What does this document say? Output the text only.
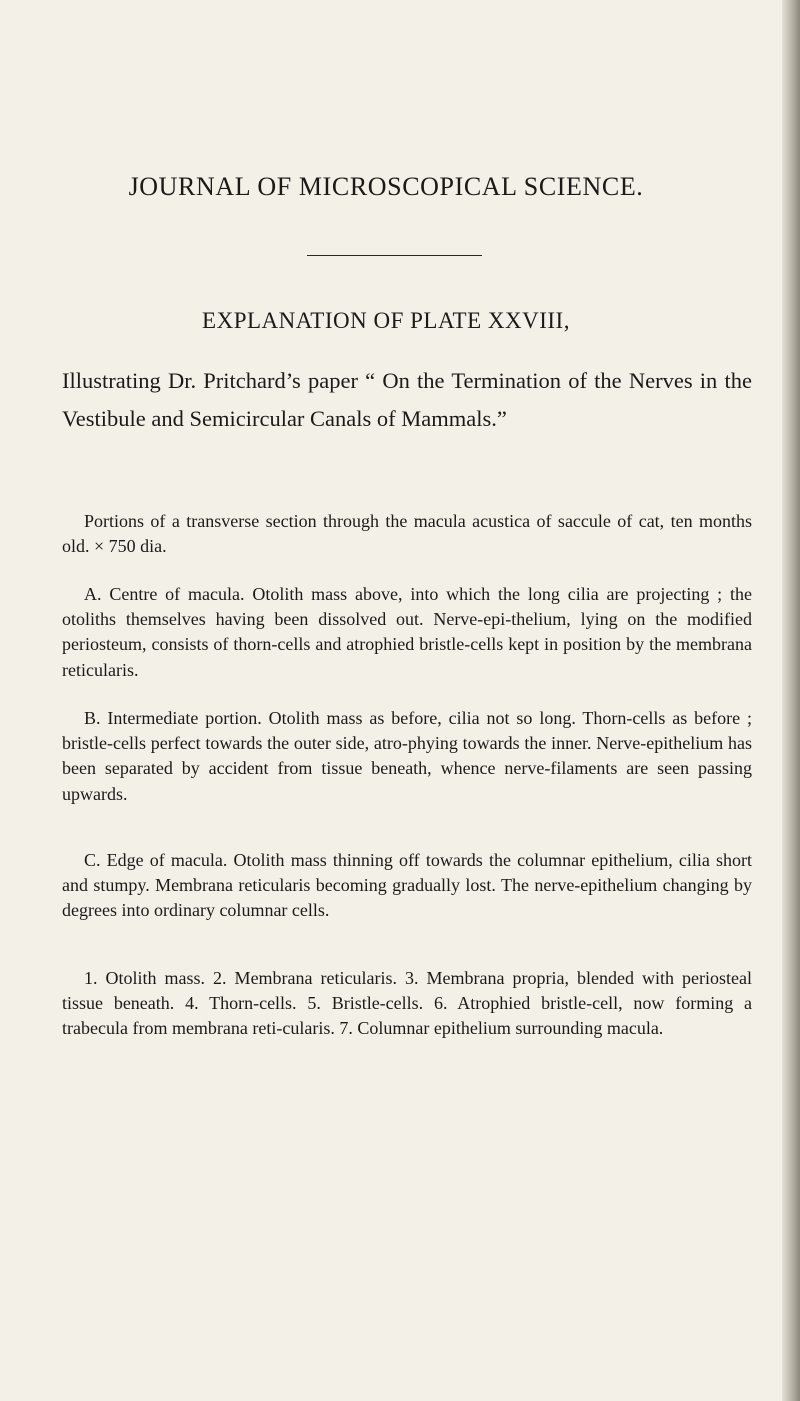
JOURNAL OF MICROSCOPICAL SCIENCE.
EXPLANATION OF PLATE XXVIII,
Illustrating Dr. Pritchard’s paper “ On the Termination of the Nerves in the Vestibule and Semicircular Canals of Mammals.”

Portions of a transverse section through the macula acustica of saccule of cat, ten months old. × 750 dia.

A. Centre of macula. Otolith mass above, into which the long cilia are projecting ; the otoliths themselves having been dissolved out. Nerve-epi-thelium, lying on the modified periosteum, consists of thorn-cells and atrophied bristle-cells kept in position by the membrana reticularis.

B. Intermediate portion. Otolith mass as before, cilia not so long. Thorn-cells as before ; bristle-cells perfect towards the outer side, atro-phying towards the inner. Nerve-epithelium has been separated by accident from tissue beneath, whence nerve-filaments are seen passing upwards.

C. Edge of macula. Otolith mass thinning off towards the columnar epithelium, cilia short and stumpy. Membrana reticularis becoming gradually lost. The nerve-epithelium changing by degrees into ordinary columnar cells.

1. Otolith mass. 2. Membrana reticularis. 3. Membrana propria, blended with periosteal tissue beneath. 4. Thorn-cells. 5. Bristle-cells. 6. Atrophied bristle-cell, now forming a trabecula from membrana reti-cularis. 7. Columnar epithelium surrounding macula.
